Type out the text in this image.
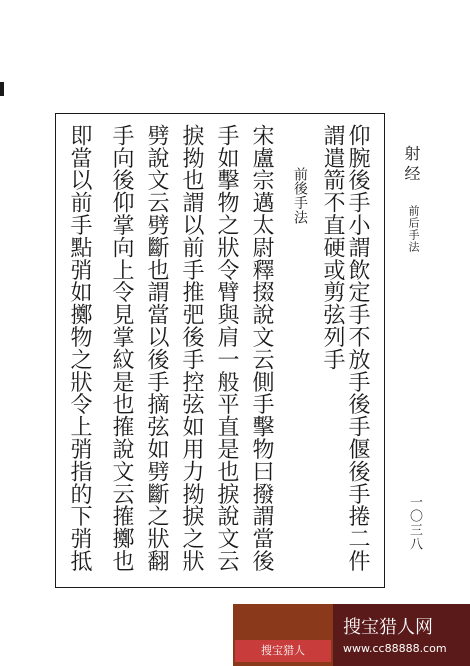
射经
前后手法
一〇三八
仰腕後手小謂飲定手不放手後手偃後手捲二件
謂遣箭不直硬或剪弦列手
前後手法
宋盧宗邁太尉釋掇說文云側手擊物曰撥謂當後
手如擊物之狀令臂與肩一般平直是也捩說文云
捩拗也謂以前手推弝後手控弦如用力拗捩之狀
劈說文云劈斷也謂當以後手摘弦如劈斷之狀翻
手向後仰掌向上令見掌紋是也搉說文云搉擲也
即當以前手點弰如擲物之狀令上弰指的下弰抵
搜宝猎人
搜宝猎人网
www.cc88888.com
